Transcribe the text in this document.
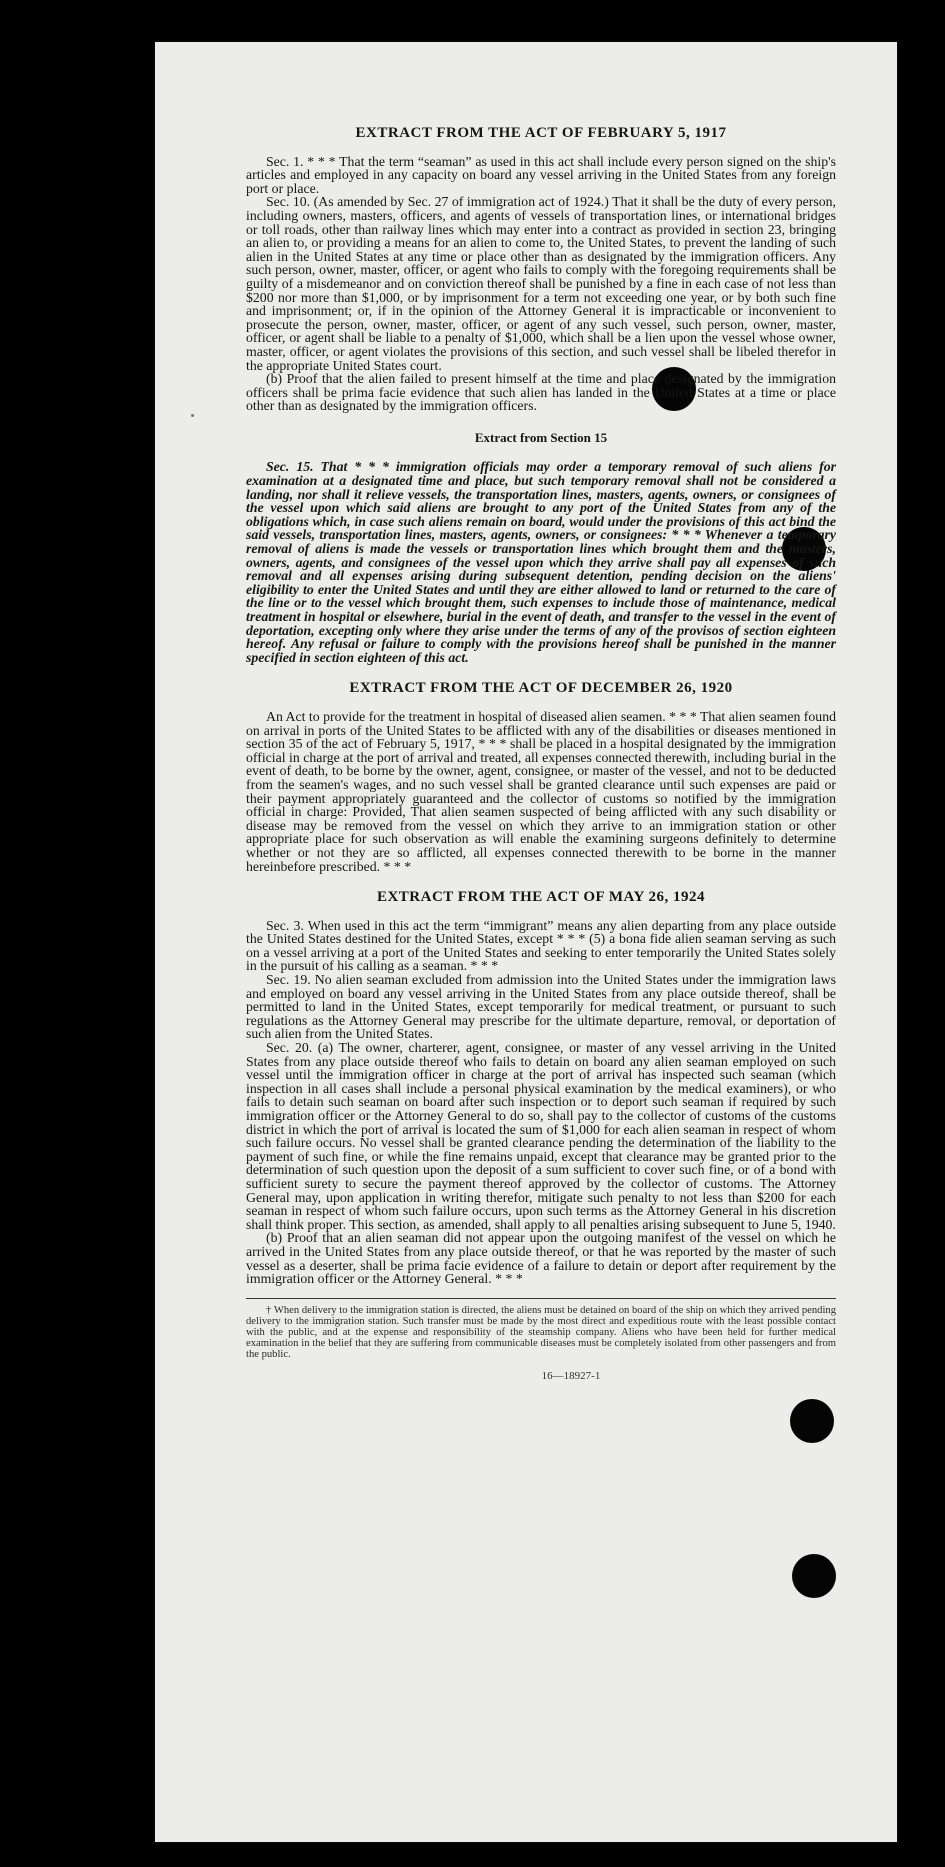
EXTRACT FROM THE ACT OF FEBRUARY 5, 1917

Sec. 1. * * * That the term “seaman” as used in this act shall include every person signed on the ship's articles and employed in any capacity on board any vessel arriving in the United States from any foreign port or place.

Sec. 10. (As amended by Sec. 27 of immigration act of 1924.) That it shall be the duty of every person, including owners, masters, officers, and agents of vessels of transportation lines, or international bridges or toll roads, other than railway lines which may enter into a contract as provided in section 23, bringing an alien to, or providing a means for an alien to come to, the United States, to prevent the landing of such alien in the United States at any time or place other than as designated by the immigration officers. Any such person, owner, master, officer, or agent who fails to comply with the foregoing requirements shall be guilty of a misdemeanor and on conviction thereof shall be punished by a fine in each case of not less than $200 nor more than $1,000, or by imprisonment for a term not exceeding one year, or by both such fine and imprisonment; or, if in the opinion of the Attorney General it is impracticable or inconvenient to prosecute the person, owner, master, officer, or agent of any such vessel, such person, owner, master, officer, or agent shall be liable to a penalty of $1,000, which shall be a lien upon the vessel whose owner, master, officer, or agent violates the provisions of this section, and such vessel shall be libeled therefor in the appropriate United States court.

(b) Proof that the alien failed to present himself at the time and place designated by the immigration officers shall be prima facie evidence that such alien has landed in the United States at a time or place other than as designated by the immigration officers.

Extract from Section 15

Sec. 15. That * * * immigration officials may order a temporary removal of such aliens for examination at a designated time and place, but such temporary removal shall not be considered a landing, nor shall it relieve vessels, the transportation lines, masters, agents, owners, or consignees of the vessel upon which said aliens are brought to any port of the United States from any of the obligations which, in case such aliens remain on board, would under the provisions of this act bind the said vessels, transportation lines, masters, agents, owners, or consignees: * * * Whenever a temporary removal of aliens is made the vessels or transportation lines which brought them and the masters, owners, agents, and consignees of the vessel upon which they arrive shall pay all expenses of such removal and all expenses arising during subsequent detention, pending decision on the aliens' eligibility to enter the United States and until they are either allowed to land or returned to the care of the line or to the vessel which brought them, such expenses to include those of maintenance, medical treatment in hospital or elsewhere, burial in the event of death, and transfer to the vessel in the event of deportation, excepting only where they arise under the terms of any of the provisos of section eighteen hereof. Any refusal or failure to comply with the provisions hereof shall be punished in the manner specified in section eighteen of this act.

EXTRACT FROM THE ACT OF DECEMBER 26, 1920

An Act to provide for the treatment in hospital of diseased alien seamen. * * * That alien seamen found on arrival in ports of the United States to be afflicted with any of the disabilities or diseases mentioned in section 35 of the act of February 5, 1917, * * * shall be placed in a hospital designated by the immigration official in charge at the port of arrival and treated, all expenses connected therewith, including burial in the event of death, to be borne by the owner, agent, consignee, or master of the vessel, and not to be deducted from the seamen's wages, and no such vessel shall be granted clearance until such expenses are paid or their payment appropriately guaranteed and the collector of customs so notified by the immigration official in charge: Provided, That alien seamen suspected of being afflicted with any such disability or disease may be removed from the vessel on which they arrive to an immigration station or other appropriate place for such observation as will enable the examining surgeons definitely to determine whether or not they are so afflicted, all expenses connected therewith to be borne in the manner hereinbefore prescribed. * * *

EXTRACT FROM THE ACT OF MAY 26, 1924

Sec. 3. When used in this act the term “immigrant” means any alien departing from any place outside the United States destined for the United States, except * * * (5) a bona fide alien seaman serving as such on a vessel arriving at a port of the United States and seeking to enter temporarily the United States solely in the pursuit of his calling as a seaman. * * *

Sec. 19. No alien seaman excluded from admission into the United States under the immigration laws and employed on board any vessel arriving in the United States from any place outside thereof, shall be permitted to land in the United States, except temporarily for medical treatment, or pursuant to such regulations as the Attorney General may prescribe for the ultimate departure, removal, or deportation of such alien from the United States.

Sec. 20. (a) The owner, charterer, agent, consignee, or master of any vessel arriving in the United States from any place outside thereof who fails to detain on board any alien seaman employed on such vessel until the immigration officer in charge at the port of arrival has inspected such seaman (which inspection in all cases shall include a personal physical examination by the medical examiners), or who fails to detain such seaman on board after such inspection or to deport such seaman if required by such immigration officer or the Attorney General to do so, shall pay to the collector of customs of the customs district in which the port of arrival is located the sum of $1,000 for each alien seaman in respect of whom such failure occurs. No vessel shall be granted clearance pending the determination of the liability to the payment of such fine, or while the fine remains unpaid, except that clearance may be granted prior to the determination of such question upon the deposit of a sum sufficient to cover such fine, or of a bond with sufficient surety to secure the payment thereof approved by the collector of customs. The Attorney General may, upon application in writing therefor, mitigate such penalty to not less than $200 for each seaman in respect of whom such failure occurs, upon such terms as the Attorney General in his discretion shall think proper. This section, as amended, shall apply to all penalties arising subsequent to June 5, 1940.

(b) Proof that an alien seaman did not appear upon the outgoing manifest of the vessel on which he arrived in the United States from any place outside thereof, or that he was reported by the master of such vessel as a deserter, shall be prima facie evidence of a failure to detain or deport after requirement by the immigration officer or the Attorney General. * * *

† When delivery to the immigration station is directed, the aliens must be detained on board of the ship on which they arrived pending delivery to the immigration station. Such transfer must be made by the most direct and expeditious route with the least possible contact with the public, and at the expense and responsibility of the steamship company. Aliens who have been held for further medical examination in the belief that they are suffering from communicable diseases must be completely isolated from other passengers and from the public.

16—18927-1
